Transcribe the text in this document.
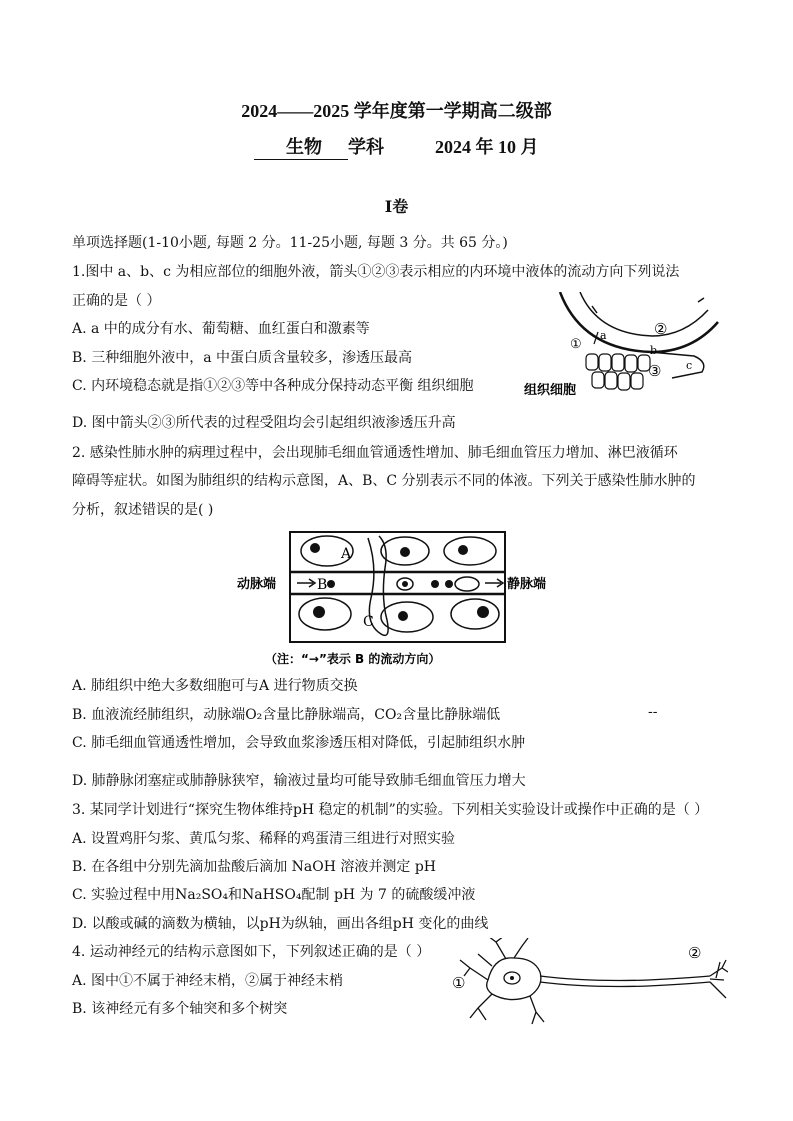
2024——2025 学年度第一学期高二级部
生物 学科	2024 年 10 月
I卷
单项选择题(1-10小题, 每题 2 分。11-25小题, 每题 3 分。共 65 分。)
1.图中 a、b、c 为相应部位的细胞外液，箭头①②③表示相应的内环境中液体的流动方向下列说法
正确的是（ ）
A. a 中的成分有水、葡萄糖、血红蛋白和激素等
B. 三种细胞外液中，a 中蛋白质含量较多，渗透压最高
C. 内环境稳态就是指①②③等中各种成分保持动态平衡 组织细胞
D. 图中箭头②③所代表的过程受阻均会引起组织液渗透压升高
a	②
①	b
c
③
组织细胞
2. 感染性肺水肿的病理过程中，会出现肺毛细血管通透性增加、肺毛细血管压力增加、淋巴液循环
障碍等症状。如图为肺组织的结构示意图，A、B、C 分别表示不同的体液。下列关于感染性肺水肿的
分析，叙述错误的是( )
A
B
C
动脉端	静脉端
（注：“→”表示 B 的流动方向）
A. 肺组织中绝大多数细胞可与A 进行物质交换
B. 血液流经肺组织，动脉端O₂含量比静脉端高，CO₂含量比静脉端低	--
C. 肺毛细血管通透性增加，会导致血浆渗透压相对降低，引起肺组织水肿
D. 肺静脉闭塞症或肺静脉狭窄，输液过量均可能导致肺毛细血管压力增大
3. 某同学计划进行“探究生物体维持pH 稳定的机制”的实验。下列相关实验设计或操作中正确的是（ ）
A. 设置鸡肝匀浆、黄瓜匀浆、稀释的鸡蛋清三组进行对照实验
B. 在各组中分别先滴加盐酸后滴加 NaOH 溶液并测定 pH
C. 实验过程中用Na₂SO₄和NaHSO₄配制 pH 为 7 的硫酸缓冲液
D. 以酸或碱的滴数为横轴，以pH为纵轴，画出各组pH 变化的曲线
4. 运动神经元的结构示意图如下，下列叙述正确的是（ ）
A. 图中①不属于神经末梢，②属于神经末梢
B. 该神经元有多个轴突和多个树突
①
②
